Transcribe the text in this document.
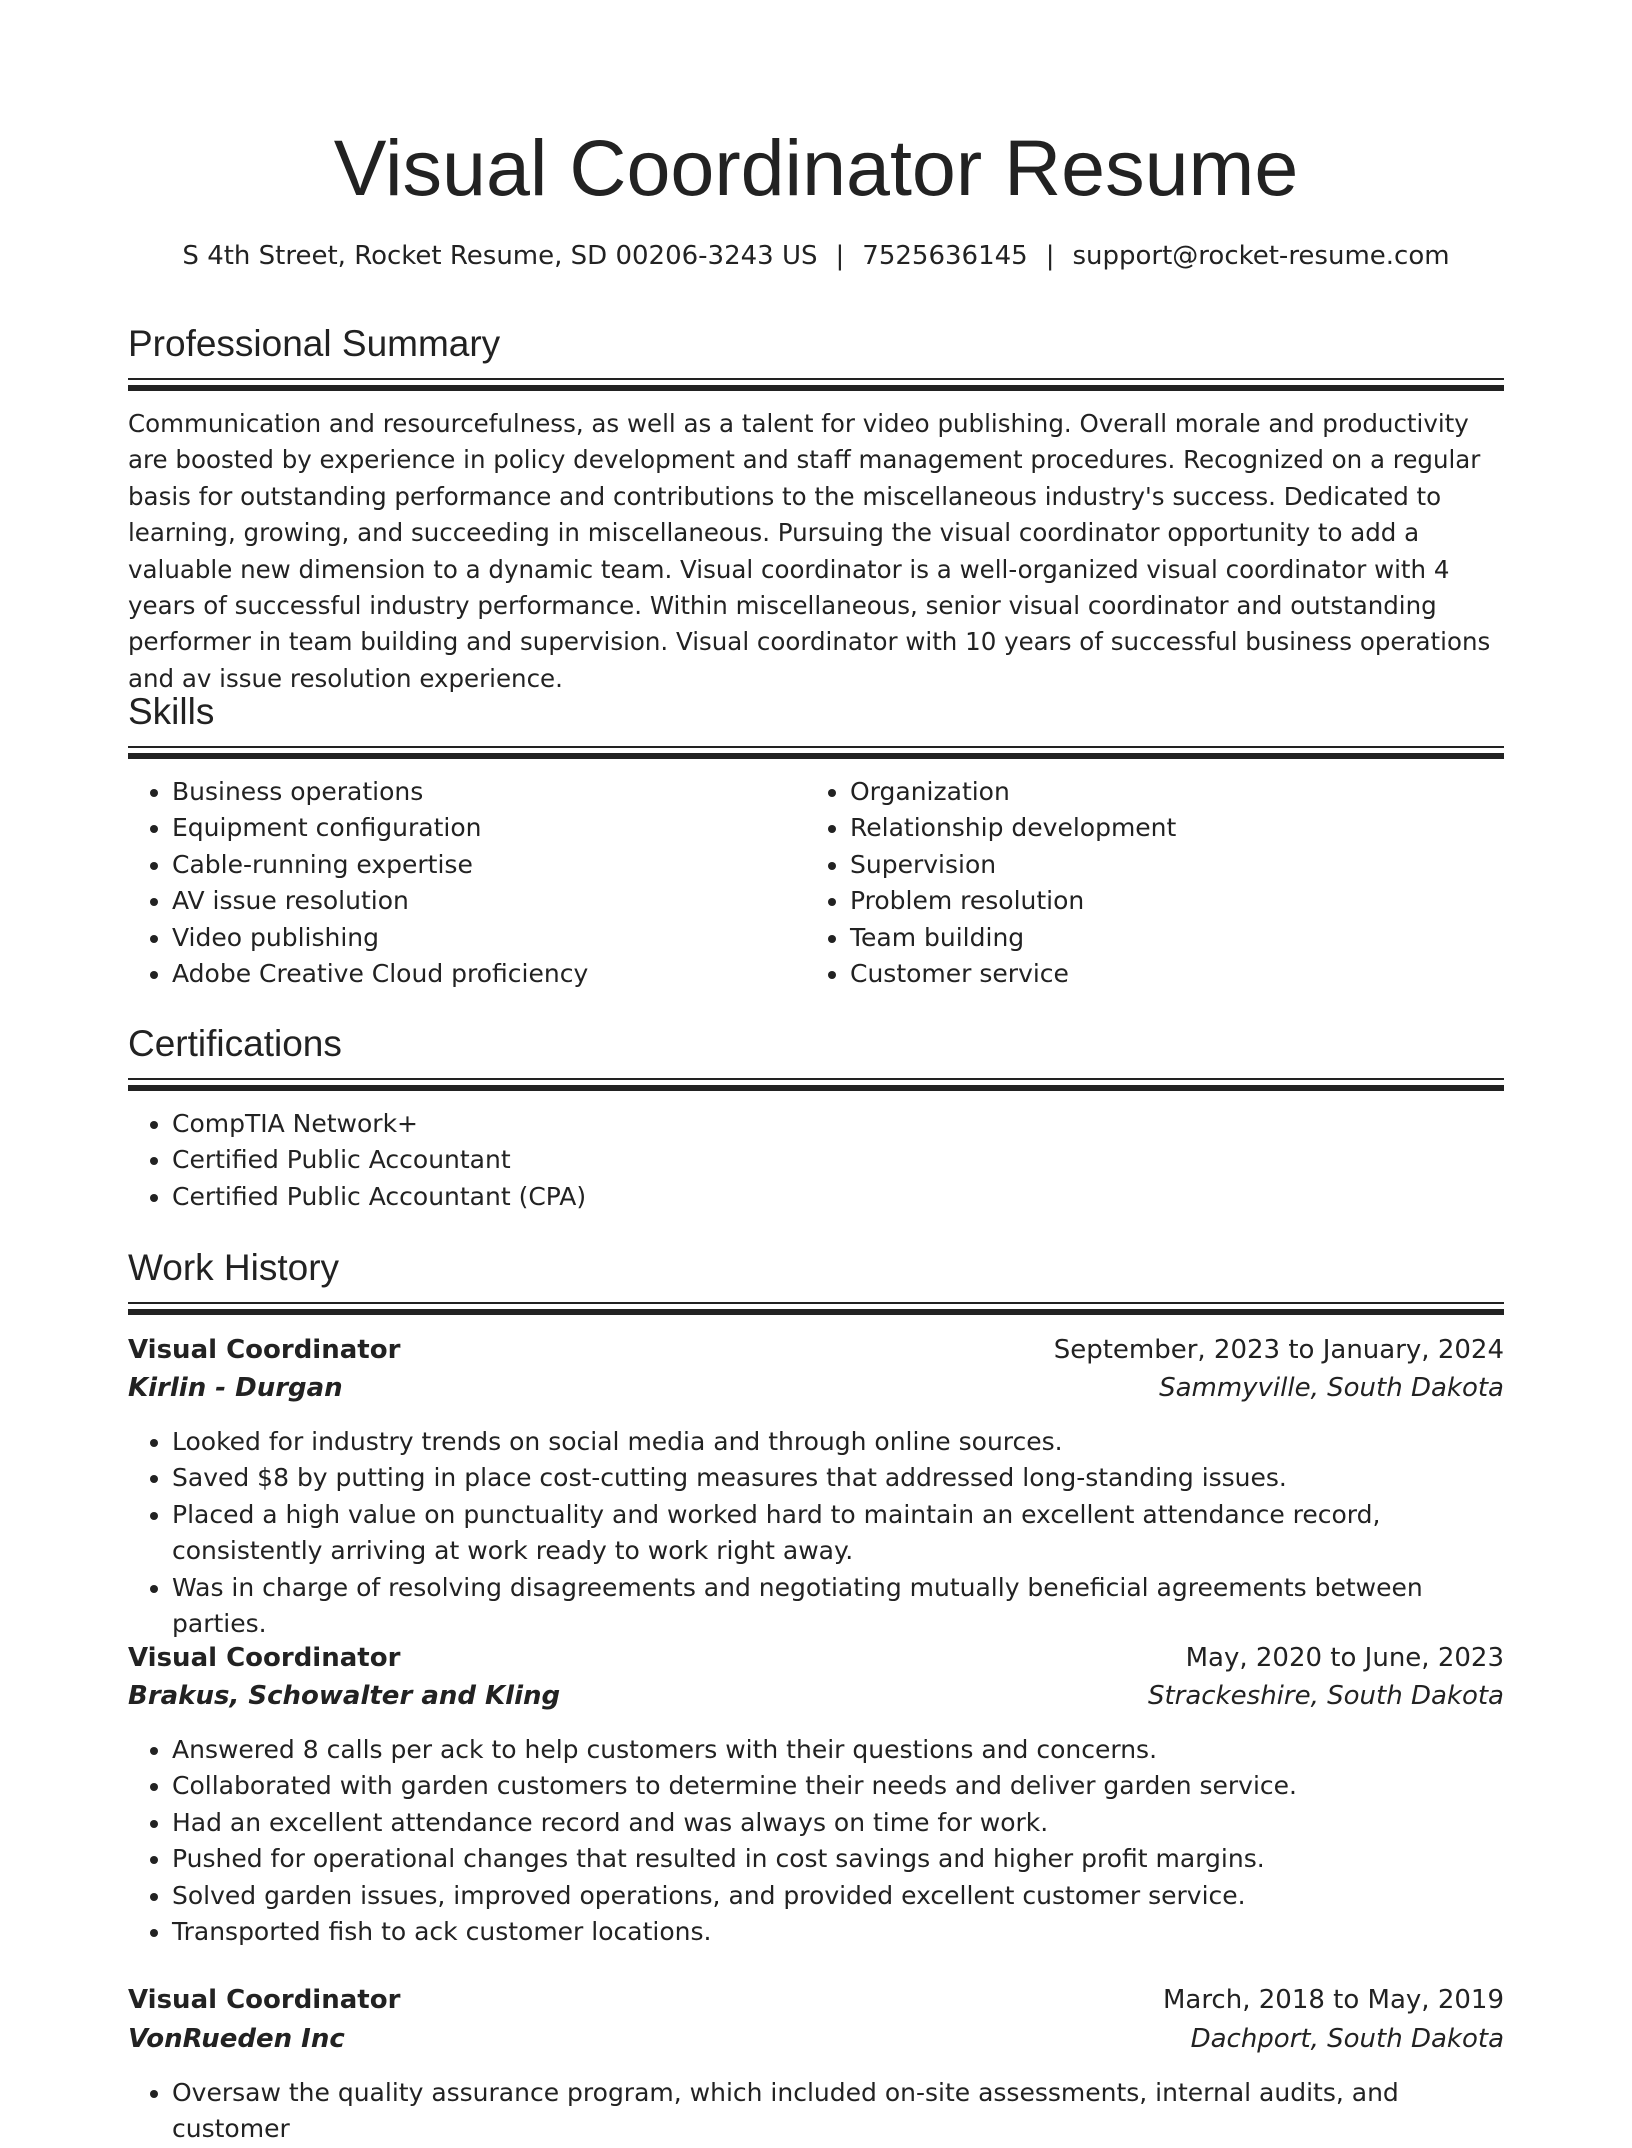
Visual Coordinator Resume
S 4th Street, Rocket Resume, SD 00206-3243 US | 7525636145 | support@rocket-resume.com
Professional Summary

Communication and resourcefulness, as well as a talent for video publishing. Overall morale and productivity are boosted by experience in policy development and staff management procedures. Recognized on a regular basis for outstanding performance and contributions to the miscellaneous industry's success. Dedicated to learning, growing, and succeeding in miscellaneous. Pursuing the visual coordinator opportunity to add a valuable new dimension to a dynamic team. Visual coordinator is a well-organized visual coordinator with 4 years of successful industry performance. Within miscellaneous, senior visual coordinator and outstanding performer in team building and supervision. Visual coordinator with 10 years of successful business operations and av issue resolution experience.

Skills
• Business operations
• Equipment configuration
• Cable-running expertise
• AV issue resolution
• Video publishing
• Adobe Creative Cloud proficiency
• Organization
• Relationship development
• Supervision
• Problem resolution
• Team building
• Customer service
Certifications
• CompTIA Network+
• Certified Public Accountant
• Certified Public Accountant (CPA)
Work History
Visual Coordinator	September, 2023 to January, 2024
Kirlin - Durgan	Sammyville, South Dakota
• Looked for industry trends on social media and through online sources.
• Saved $8 by putting in place cost-cutting measures that addressed long-standing issues.
• Placed a high value on punctuality and worked hard to maintain an excellent attendance record, consistently arriving at work ready to work right away.
• Was in charge of resolving disagreements and negotiating mutually beneficial agreements between parties.
Visual Coordinator	May, 2020 to June, 2023
Brakus, Schowalter and Kling	Strackeshire, South Dakota
• Answered 8 calls per ack to help customers with their questions and concerns.
• Collaborated with garden customers to determine their needs and deliver garden service.
• Had an excellent attendance record and was always on time for work.
• Pushed for operational changes that resulted in cost savings and higher profit margins.
• Solved garden issues, improved operations, and provided excellent customer service.
• Transported fish to ack customer locations.
Visual Coordinator	March, 2018 to May, 2019
VonRueden Inc	Dachport, South Dakota
• Oversaw the quality assurance program, which included on-site assessments, internal audits, and customer
